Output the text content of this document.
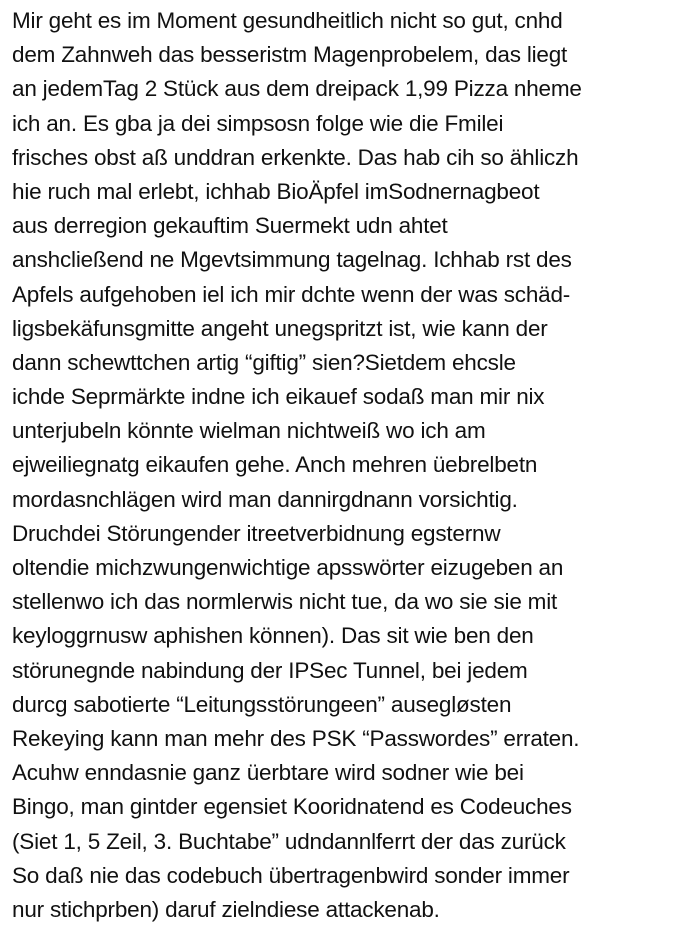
Mir geht es im Moment gesundheitlich nicht so gut, cnhd
dem Zahnweh das besseristm Magenprobelem, das liegt
an jedemTag 2 Stück aus dem dreipack 1,99 Pizza nheme
ich an. Es gba ja dei simpsosn folge wie die Fmilei
frisches obst aß unddran erkenkte. Das hab cih so ähliczh
hie ruch mal erlebt, ichhab BioÄpfel imSodnernagbeot
aus derregion gekauftim Suermekt udn ahtet
anshcließend ne Mgevtsimmung tagelnag. Ichhab rst des
Apfels aufgehoben iel ich mir dchte wenn der was schäd-
ligsbekäfunsgmitte angeht unegspritzt ist, wie kann der
dann schewttchen artig “giftig” sien?Sietdem ehcsle
ichde Seprmärkte indne ich eikauef sodaß man mir nix
unterjubeln könnte wielman nichtweiß wo ich am
ejweiliegnatg eikaufen gehe. Anch mehren üebrelbetn
mordasnchlägen wird man dannirgdnann vorsichtig.
Druchdei Störungender itreetverbidnung egsternw
oltendie michzwungenwichtige apsswörter eizugeben an
stellenwo ich das normlerwis nicht tue, da wo sie sie mit
keyloggrnusw aphishen können). Das sit wie ben den
störunegnde nabindung der IPSec Tunnel, bei jedem
durcg sabotierte “Leitungsstörungeen” ausegløsten
Rekeying kann man mehr des PSK “Passwordes” erraten.
Acuhw enndasnie ganz üerbtare wird sodner wie bei
Bingo, man gintder egensiet Kooridnatend es Codeuches
(Siet 1, 5 Zeil, 3. Buchtabe” udndannlferrt der das zurück
So daß nie das codebuch übertragenbwird sonder immer
nur stichprben) daruf zielndiese attackenab.
